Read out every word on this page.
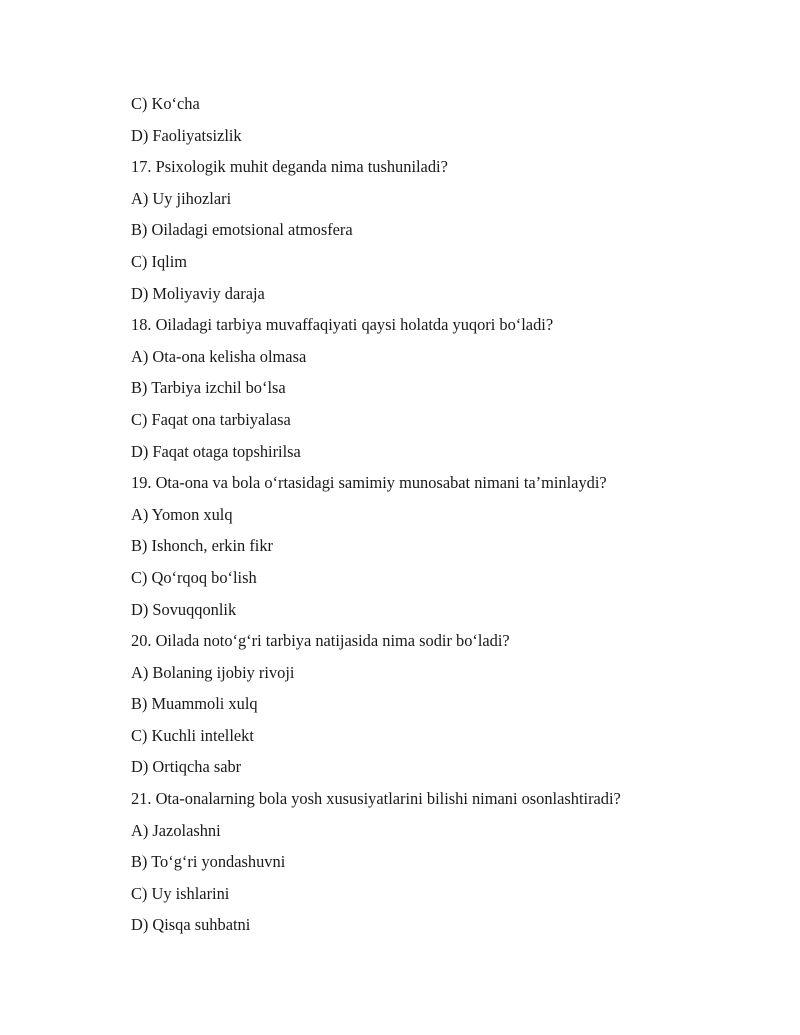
C) Ko‘cha
D) Faoliyatsizlik
17. Psixologik muhit deganda nima tushuniladi?
A) Uy jihozlari
B) Oiladagi emotsional atmosfera
C) Iqlim
D) Moliyaviy daraja
18. Oiladagi tarbiya muvaffaqiyati qaysi holatda yuqori bo‘ladi?
A) Ota-ona kelisha olmasa
B) Tarbiya izchil bo‘lsa
C) Faqat ona tarbiyalasa
D) Faqat otaga topshirilsa
19. Ota-ona va bola o‘rtasidagi samimiy munosabat nimani ta’minlaydi?
A) Yomon xulq
B) Ishonch, erkin fikr
C) Qo‘rqoq bo‘lish
D) Sovuqqonlik
20. Oilada noto‘g‘ri tarbiya natijasida nima sodir bo‘ladi?
A) Bolaning ijobiy rivoji
B) Muammoli xulq
C) Kuchli intellekt
D) Ortiqcha sabr
21. Ota-onalarning bola yosh xususiyatlarini bilishi nimani osonlashtiradi?
A) Jazolashni
B) To‘g‘ri yondashuvni
C) Uy ishlarini
D) Qisqa suhbatni
